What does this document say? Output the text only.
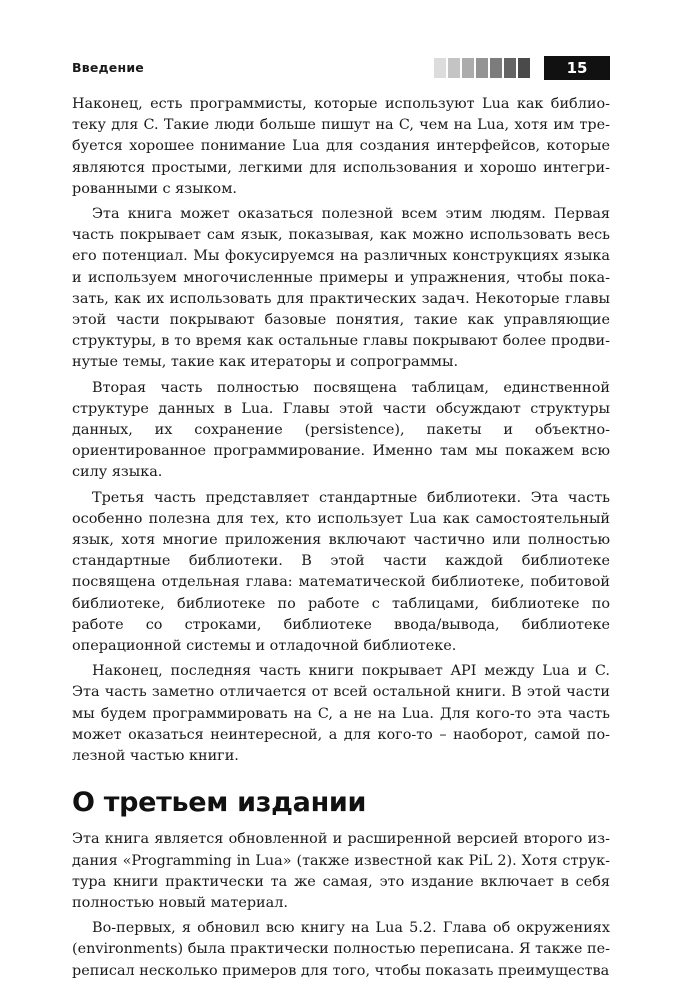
Введение	15

Наконец, есть программисты, которые используют Lua как библиотеку для C. Такие люди больше пишут на C, чем на Lua, хотя им требуется хорошее понимание Lua для создания интерфейсов, которые являются простыми, легкими для использования и хорошо интегрированными с языком.

Эта книга может оказаться полезной всем этим людям. Первая часть покрывает сам язык, показывая, как можно использовать весь его потенциал. Мы фокусируемся на различных конструкциях языка и используем многочисленные примеры и упражнения, чтобы показать, как их использовать для практических задач. Некоторые главы этой части покрывают базовые понятия, такие как управляющие структуры, в то время как остальные главы покрывают более продвинутые темы, такие как итераторы и сопрограммы.

Вторая часть полностью посвящена таблицам, единственной структуре данных в Lua. Главы этой части обсуждают структуры данных, их сохранение (persistence), пакеты и объектно-ориентированное программирование. Именно там мы покажем всю силу языка.

Третья часть представляет стандартные библиотеки. Эта часть особенно полезна для тех, кто использует Lua как самостоятельный язык, хотя многие приложения включают частично или полностью стандартные библиотеки. В этой части каждой библиотеке посвящена отдельная глава: математической библиотеке, побитовой библиотеке, библиотеке по работе с таблицами, библиотеке по работе со строками, библиотеке ввода/вывода, библиотеке операционной системы и отладочной библиотеке.

Наконец, последняя часть книги покрывает API между Lua и C. Эта часть заметно отличается от всей остальной книги. В этой части мы будем программировать на C, а не на Lua. Для кого-то эта часть может оказаться неинтересной, а для кого-то – наоборот, самой полезной частью книги.

О третьем издании

Эта книга является обновленной и расширенной версией второго издания «Programming in Lua» (также известной как PiL 2). Хотя структура книги практически та же самая, это издание включает в себя полностью новый материал.

Во-первых, я обновил всю книгу на Lua 5.2. Глава об окружениях (environments) была практически полностью переписана. Я также переписал несколько примеров для того, чтобы показать преимущества
